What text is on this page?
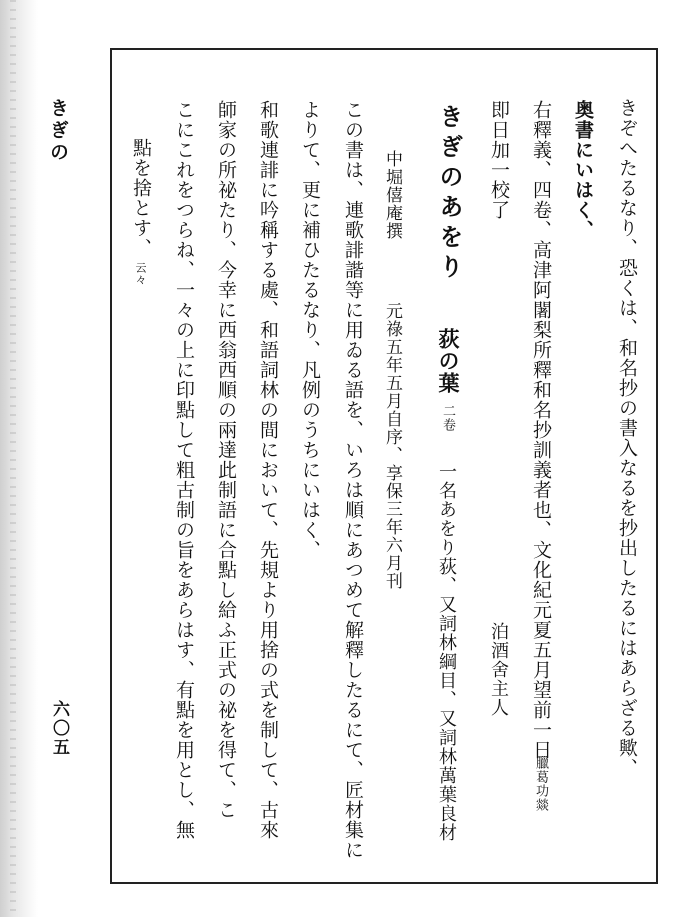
きぎの
六〇五	きぞへたるなり、恐くは、和名抄の書入なるを抄出したるにはあらざる歟、
奥書にいはく、
右釋義、四卷、高津阿闍梨所釋和名抄訓義者也、文化紀元夏五月望前一日
臘葛功燚
即日加一校了
泊酒舍主人
きぎのあをり
荻の葉
二卷
一名あをり荻、又詞林綱目、又詞林萬葉良材
中堀僖庵撰
元祿五年五月自序、享保三年六月刊
この書は、連歌誹諧等に用ゐる語を、いろは順にあつめて解釋したるにて、匠材集に
よりて、更に補ひたるなり、凡例のうちにいはく、
和歌連誹に吟稱する處、和語詞林の間において、先規より用捨の式を制して、古來
師家の所祕たり、今幸に西翁西順の兩達此制語に合點し給ふ正式の祕を得て、こ
こにこれをつらね、一々の上に印點して粗古制の旨をあらはす、有點を用とし、無
點を捨とす、
云々
